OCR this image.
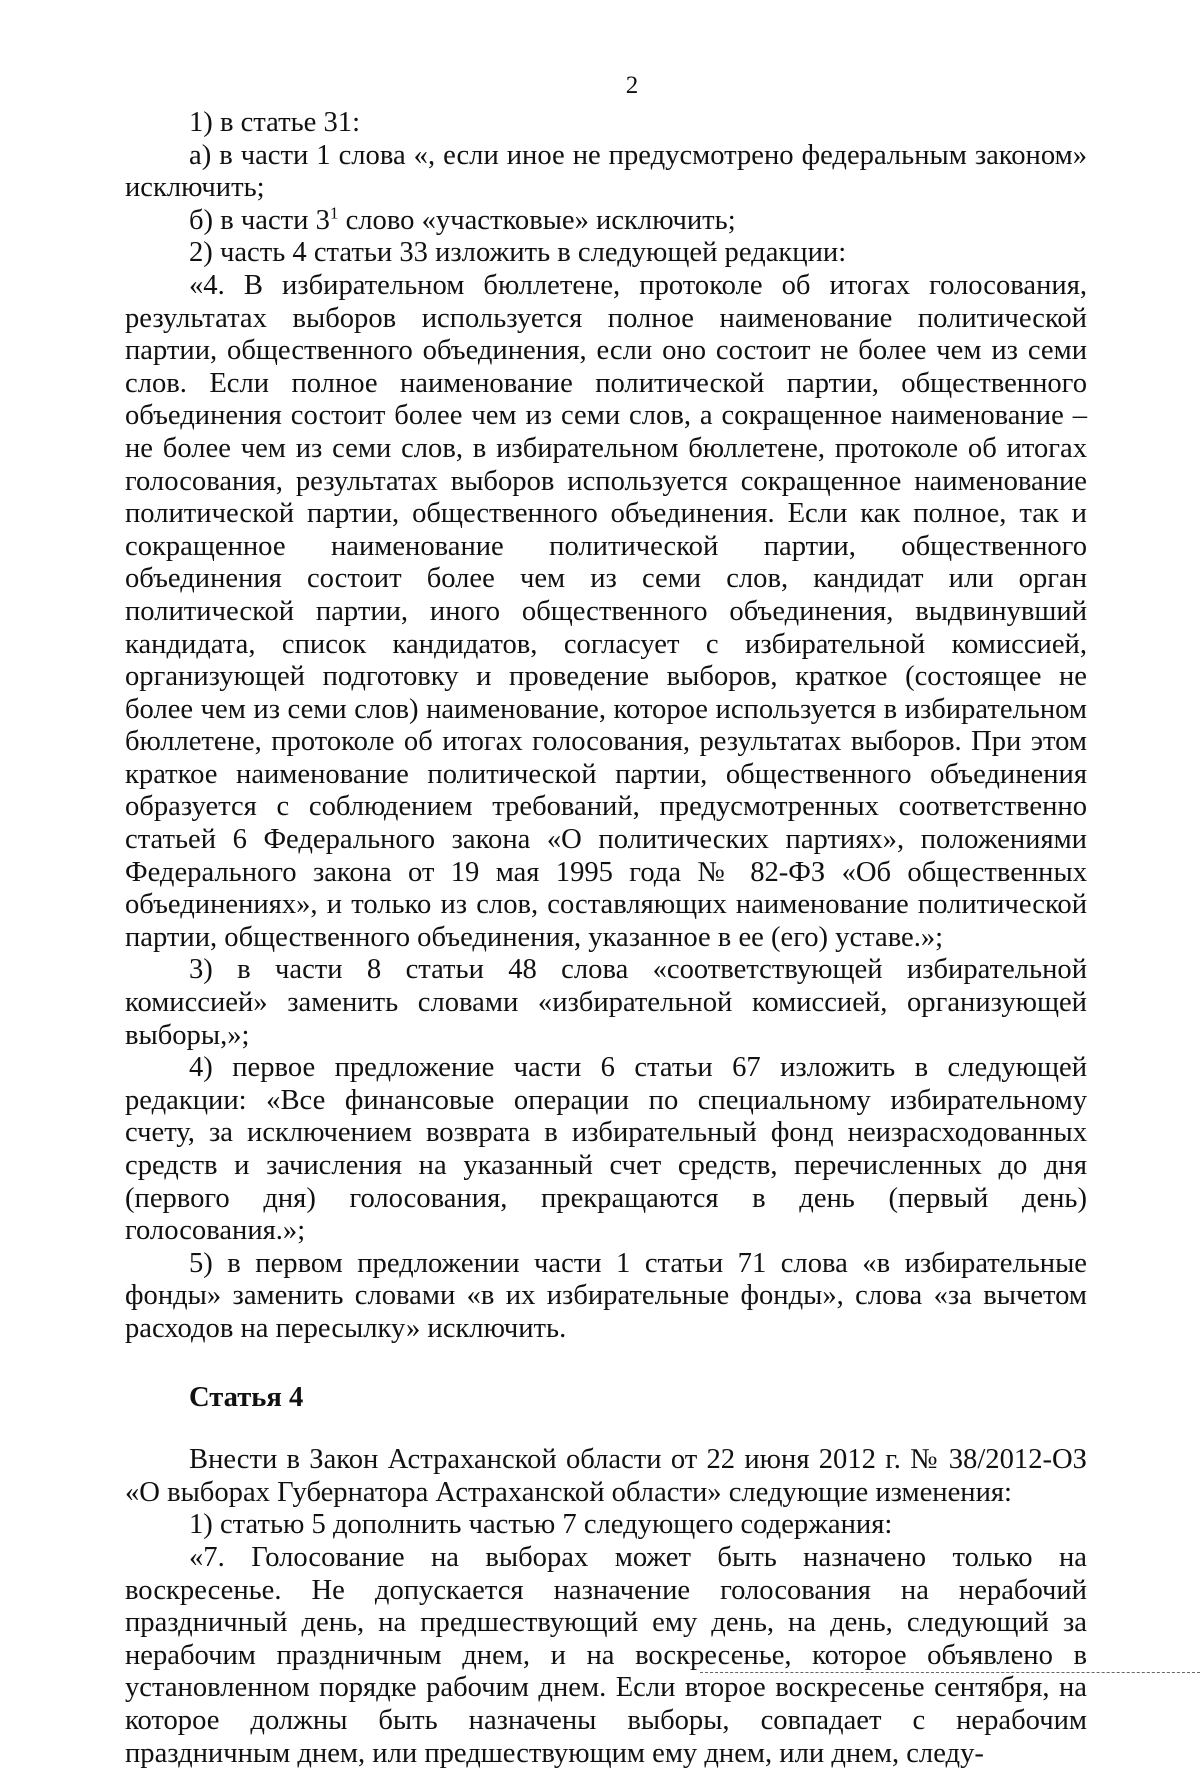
2

1) в статье 31:

а) в части 1 слова «, если иное не предусмотрено федеральным законом» исключить;

б) в части $3^1$ слово «участковые» исключить;

2) часть 4 статьи 33 изложить в следующей редакции:

«4. В избирательном бюллетене, протоколе об итогах голосования, результатах выборов используется полное наименование политической партии, общественного объединения, если оно состоит не более чем из семи слов. Если полное наименование политической партии, общественного объединения состоит более чем из семи слов, а сокращенное наименование – не более чем из семи слов, в избирательном бюллетене, протоколе об итогах голосования, результатах выборов используется сокращенное наименование политической партии, общественного объединения. Если как полное, так и сокращенное наименование политической партии, общественного объединения состоит более чем из семи слов, кандидат или орган политической партии, иного общественного объединения, выдвинувший кандидата, список кандидатов, согласует с избирательной комиссией, организующей подготовку и проведение выборов, краткое (состоящее не более чем из семи слов) наименование, которое используется в избирательном бюллетене, протоколе об итогах голосования, результатах выборов. При этом краткое наименование политической партии, общественного объединения образуется с соблюдением требований, предусмотренных соответственно статьей 6 Федерального закона «О политических партиях», положениями Федерального закона от 19 мая 1995 года № 82-ФЗ «Об общественных объединениях», и только из слов, составляющих наименование политической партии, общественного объединения, указанное в ее (его) уставе.»;

3) в части 8 статьи 48 слова «соответствующей избирательной комиссией» заменить словами «избирательной комиссией, организующей выборы,»;

4) первое предложение части 6 статьи 67 изложить в следующей редакции: «Все финансовые операции по специальному избирательному счету, за исключением возврата в избирательный фонд неизрасходованных средств и зачисления на указанный счет средств, перечисленных до дня (первого дня) голосования, прекращаются в день (первый день) голосования.»;

5) в первом предложении части 1 статьи 71 слова «в избирательные фонды» заменить словами «в их избирательные фонды», слова «за вычетом расходов на пересылку» исключить.

Статья 4

Внести в Закон Астраханской области от 22 июня 2012 г. № 38/2012-ОЗ «О выборах Губернатора Астраханской области» следующие изменения:

1) статью 5 дополнить частью 7 следующего содержания:

«7. Голосование на выборах может быть назначено только на воскресенье. Не допускается назначение голосования на нерабочий праздничный день, на предшествующий ему день, на день, следующий за нерабочим праздничным днем, и на воскресенье, которое объявлено в установленном порядке рабочим днем. Если второе воскресенье сентября, на которое должны быть назначены выборы, совпадает с нерабочим праздничным днем, или предшествующим ему днем, или днем, следу-
